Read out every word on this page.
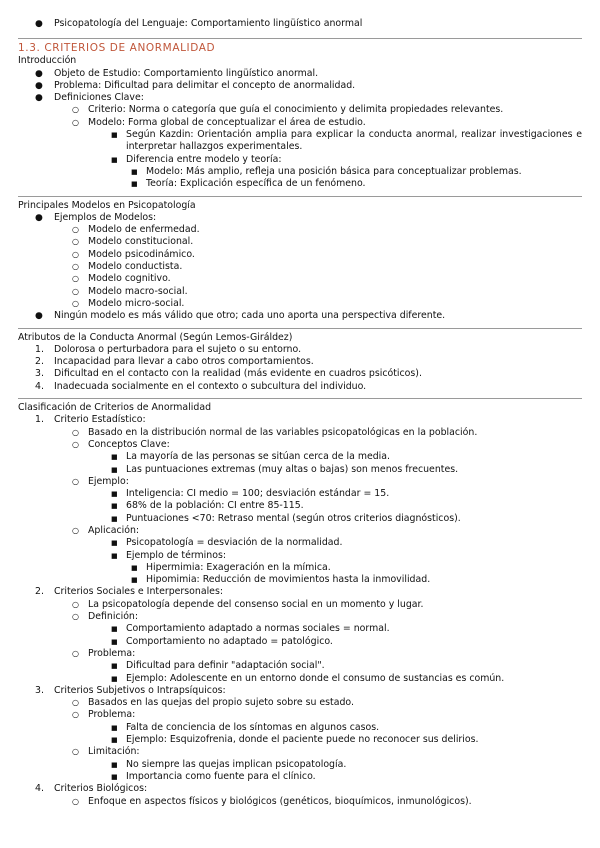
● Psicopatología del Lenguaje: Comportamiento lingüístico anormal
1.3. CRITERIOS DE ANORMALIDAD
Introducción
● Objeto de Estudio: Comportamiento lingüístico anormal.
● Problema: Dificultad para delimitar el concepto de anormalidad.
● Definiciones Clave:
○ Criterio: Norma o categoría que guía el conocimiento y delimita propiedades relevantes.
○ Modelo: Forma global de conceptualizar el área de estudio.
■ Según Kazdin: Orientación amplia para explicar la conducta anormal, realizar investigaciones e interpretar hallazgos experimentales.
■ Diferencia entre modelo y teoría:
■ Modelo: Más amplio, refleja una posición básica para conceptualizar problemas.
■ Teoría: Explicación específica de un fenómeno.
Principales Modelos en Psicopatología
● Ejemplos de Modelos:
○ Modelo de enfermedad.
○ Modelo constitucional.
○ Modelo psicodinámico.
○ Modelo conductista.
○ Modelo cognitivo.
○ Modelo macro-social.
○ Modelo micro-social.
● Ningún modelo es más válido que otro; cada uno aporta una perspectiva diferente.
Atributos de la Conducta Anormal (Según Lemos-Giráldez)
1. Dolorosa o perturbadora para el sujeto o su entorno.
2. Incapacidad para llevar a cabo otros comportamientos.
3. Dificultad en el contacto con la realidad (más evidente en cuadros psicóticos).
4. Inadecuada socialmente en el contexto o subcultura del individuo.
Clasificación de Criterios de Anormalidad
1. Criterio Estadístico:
○ Basado en la distribución normal de las variables psicopatológicas en la población.
○ Conceptos Clave:
■ La mayoría de las personas se sitúan cerca de la media.
■ Las puntuaciones extremas (muy altas o bajas) son menos frecuentes.
○ Ejemplo:
■ Inteligencia: CI medio = 100; desviación estándar = 15.
■ 68% de la población: CI entre 85-115.
■ Puntuaciones <70: Retraso mental (según otros criterios diagnósticos).
○ Aplicación:
■ Psicopatología = desviación de la normalidad.
■ Ejemplo de términos:
■ Hipermimia: Exageración en la mímica.
■ Hipomimia: Reducción de movimientos hasta la inmovilidad.
2. Criterios Sociales e Interpersonales:
○ La psicopatología depende del consenso social en un momento y lugar.
○ Definición:
■ Comportamiento adaptado a normas sociales = normal.
■ Comportamiento no adaptado = patológico.
○ Problema:
■ Dificultad para definir "adaptación social".
■ Ejemplo: Adolescente en un entorno donde el consumo de sustancias es común.
3. Criterios Subjetivos o Intrapsíquicos:
○ Basados en las quejas del propio sujeto sobre su estado.
○ Problema:
■ Falta de conciencia de los síntomas en algunos casos.
■ Ejemplo: Esquizofrenia, donde el paciente puede no reconocer sus delirios.
○ Limitación:
■ No siempre las quejas implican psicopatología.
■ Importancia como fuente para el clínico.
4. Criterios Biológicos:
○ Enfoque en aspectos físicos y biológicos (genéticos, bioquímicos, inmunológicos).
